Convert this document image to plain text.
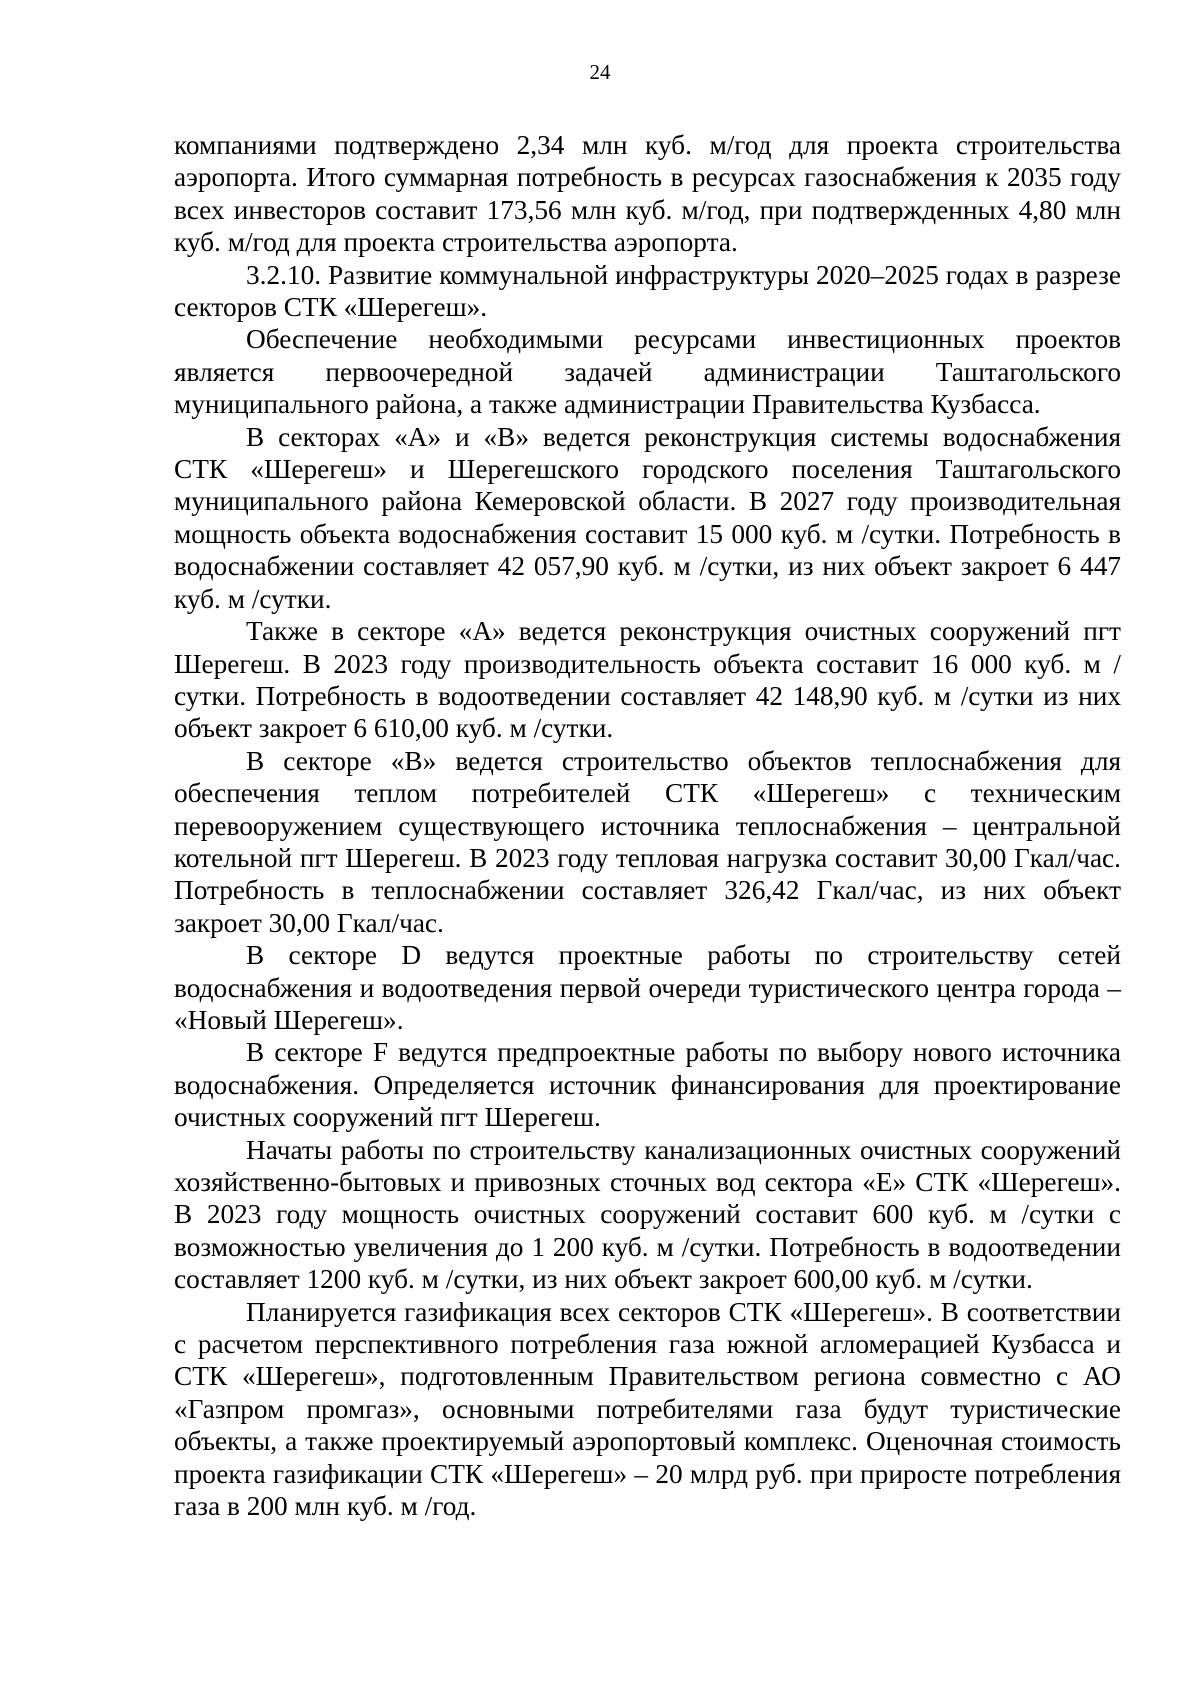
24

компаниями подтверждено 2,34 млн куб. м/год для проекта строительства аэропорта. Итого суммарная потребность в ресурсах газоснабжения к 2035 году всех инвесторов составит 173,56 млн куб. м/год, при подтвержденных 4,80 млн куб. м/год для проекта строительства аэропорта.

3.2.10. Развитие коммунальной инфраструктуры 2020–2025 годах в разрезе секторов СТК «Шерегеш».

Обеспечение необходимыми ресурсами инвестиционных проектов является первоочередной задачей администрации Таштагольского муниципального района, а также администрации Правительства Кузбасса.

В секторах «А» и «В» ведется реконструкция системы водоснабжения СТК «Шерегеш» и Шерегешского городского поселения Таштагольского муниципального района Кемеровской области. В 2027 году производительная мощность объекта водоснабжения составит 15 000 куб. м /сутки. Потребность в водоснабжении составляет 42 057,90 куб. м /сутки, из них объект закроет 6 447 куб. м /сутки.

Также в секторе «А» ведется реконструкция очистных сооружений пгт Шерегеш. В 2023 году производительность объекта составит 16 000 куб. м /сутки. Потребность в водоотведении составляет 42 148,90 куб. м /сутки из них объект закроет 6 610,00 куб. м /сутки.

В секторе «В» ведется строительство объектов теплоснабжения для обеспечения теплом потребителей СТК «Шерегеш» с техническим перевооружением существующего источника теплоснабжения – центральной котельной пгт Шерегеш. В 2023 году тепловая нагрузка составит 30,00 Гкал/час. Потребность в теплоснабжении составляет 326,42 Гкал/час, из них объект закроет 30,00 Гкал/час.

В секторе D ведутся проектные работы по строительству сетей водоснабжения и водоотведения первой очереди туристического центра города – «Новый Шерегеш».

В секторе F ведутся предпроектные работы по выбору нового источника водоснабжения. Определяется источник финансирования для проектирование очистных сооружений пгт Шерегеш.

Начаты работы по строительству канализационных очистных сооружений хозяйственно-бытовых и привозных сточных вод сектора «Е» СТК «Шерегеш». В 2023 году мощность очистных сооружений составит 600 куб. м /сутки с возможностью увеличения до 1 200 куб. м /сутки. Потребность в водоотведении составляет 1200 куб. м /сутки, из них объект закроет 600,00 куб. м /сутки.

Планируется газификация всех секторов СТК «Шерегеш». В соответствии с расчетом перспективного потребления газа южной агломерацией Кузбасса и СТК «Шерегеш», подготовленным Правительством региона совместно с АО «Газпром промгаз», основными потребителями газа будут туристические объекты, а также проектируемый аэропортовый комплекс. Оценочная стоимость проекта газификации СТК «Шерегеш» – 20 млрд руб. при приросте потребления газа в 200 млн куб. м /год.
